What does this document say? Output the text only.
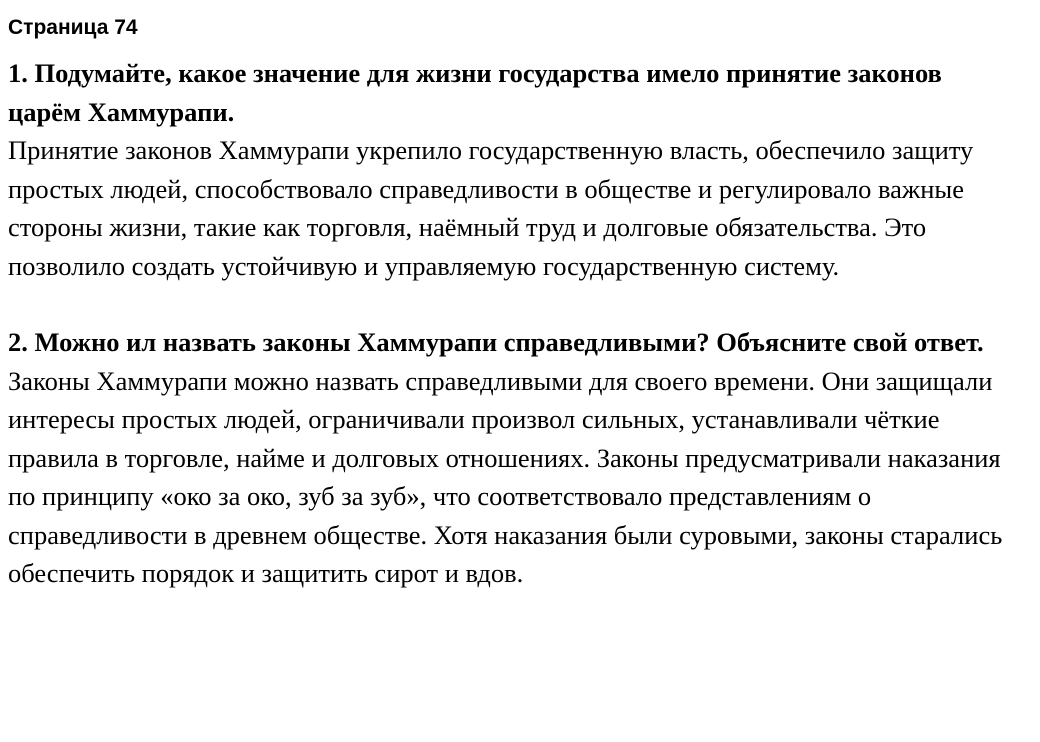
Страница 74

1. Подумайте, какое значение для жизни государства имело принятие законов царём Хаммурапи.

Принятие законов Хаммурапи укрепило государственную власть, обеспечило защиту простых людей, способствовало справедливости в обществе и регулировало важные стороны жизни, такие как торговля, наёмный труд и долговые обязательства. Это позволило создать устойчивую и управляемую государственную систему.

2. Можно ил назвать законы Хаммурапи справедливыми? Объясните свой ответ.

Законы Хаммурапи можно назвать справедливыми для своего времени. Они защищали интересы простых людей, ограничивали произвол сильных, устанавливали чёткие правила в торговле, найме и долговых отношениях. Законы предусматривали наказания по принципу «око за око, зуб за зуб», что соответствовало представлениям о справедливости в древнем обществе. Хотя наказания были суровыми, законы старались обеспечить порядок и защитить сирот и вдов.
